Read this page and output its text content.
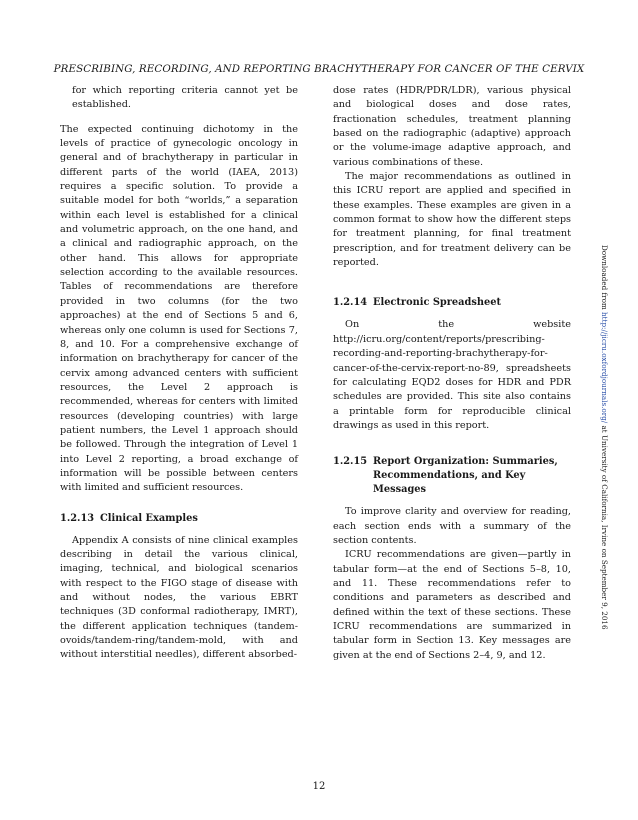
PRESCRIBING, RECORDING, AND REPORTING BRACHYTHERAPY FOR CANCER OF THE CERVIX

for which reporting criteria cannot yet be established.

The expected continuing dichotomy in the levels of practice of gynecologic oncology in general and of brachytherapy in particular in different parts of the world (IAEA, 2013) requires a specific solution. To provide a suitable model for both “worlds,” a separation within each level is established for a clinical and volumetric approach, on the one hand, and a clinical and radiographic approach, on the other hand. This allows for appropriate selection according to the available resources. Tables of recommendations are therefore provided in two columns (for the two approaches) at the end of Sections 5 and 6, whereas only one column is used for Sections 7, 8, and 10. For a comprehensive exchange of information on brachytherapy for cancer of the cervix among advanced centers with sufficient resources, the Level 2 approach is recommended, whereas for centers with limited resources (developing countries) with large patient numbers, the Level 1 approach should be followed. Through the integration of Level 1 into Level 2 reporting, a broad exchange of information will be possible between centers with limited and sufficient resources.

1.2.13 Clinical Examples

Appendix A consists of nine clinical examples describing in detail the various clinical, imaging, technical, and biological scenarios with respect to the FIGO stage of disease with and without nodes, the various EBRT techniques (3D conformal radiotherapy, IMRT), the different application techniques (tandem-ovoids/tandem-ring/tandem-mold, with and without interstitial needles), different absorbed-

dose rates (HDR/PDR/LDR), various physical and biological doses and dose rates, fractionation schedules, treatment planning based on the radiographic (adaptive) approach or the volume-image adaptive approach, and various combinations of these.

The major recommendations as outlined in this ICRU report are applied and specified in these examples. These examples are given in a common format to show how the different steps for treatment planning, for final treatment prescription, and for treatment delivery can be reported.

1.2.14 Electronic Spreadsheet

On the website http://icru.org/content/reports/prescribing-recording-and-reporting-brachytherapy-for-cancer-of-the-cervix-report-no-89, spreadsheets for calculating EQD2 doses for HDR and PDR schedules are provided. This site also contains a printable form for reproducible clinical drawings as used in this report.

1.2.15 Report Organization: Summaries, Recommendations, and Key Messages

To improve clarity and overview for reading, each section ends with a summary of the section contents.

ICRU recommendations are given—partly in tabular form—at the end of Sections 5–8, 10, and 11. These recommendations refer to conditions and parameters as described and defined within the text of these sections. These ICRU recommendations are summarized in tabular form in Section 13. Key messages are given at the end of Sections 2–4, 9, and 12.

Downloaded from http://jicru.oxfordjournals.org/ at University of California, Irvine on September 9, 2016
12
